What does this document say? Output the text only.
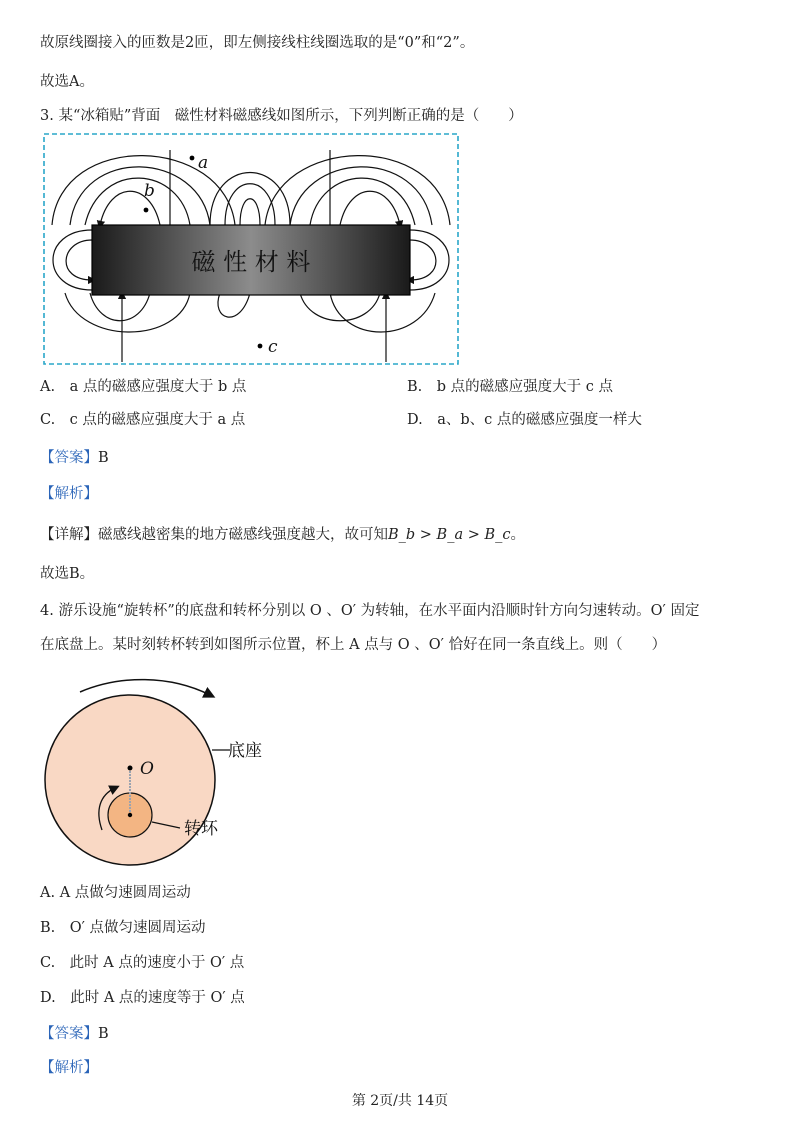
故原线圈接入的匝数是2匝，即左侧接线柱线圈选取的是“0”和“2”。
故选A。
3. 某“冰箱贴”背面　磁性材料磁感线如图所示，下列判断正确的是（　　）
磁 性 材 料
a
b
c
A.　a 点的磁感应强度大于 b 点	B.　b 点的磁感应强度大于 c 点
C.　c 点的磁感应强度大于 a 点	D.　a、b、c 点的磁感应强度一样大
【答案】B
【解析】
【详解】磁感线越密集的地方磁感线强度越大，故可知B_b > B_a > B_c。
故选B。
4. 游乐设施“旋转杯”的底盘和转杯分别以 O 、O′ 为转轴，在水平面内沿顺时针方向匀速转动。O′ 固定
在底盘上。某时刻转杯转到如图所示位置，杯上 A 点与 O 、O′ 恰好在同一条直线上。则（　　）
O
底座
转环
A. A 点做匀速圆周运动
B.　O′ 点做匀速圆周运动
C.　此时 A 点的速度小于 O′ 点
D.　此时 A 点的速度等于 O′ 点
【答案】B
【解析】
第 2页/共 14页
